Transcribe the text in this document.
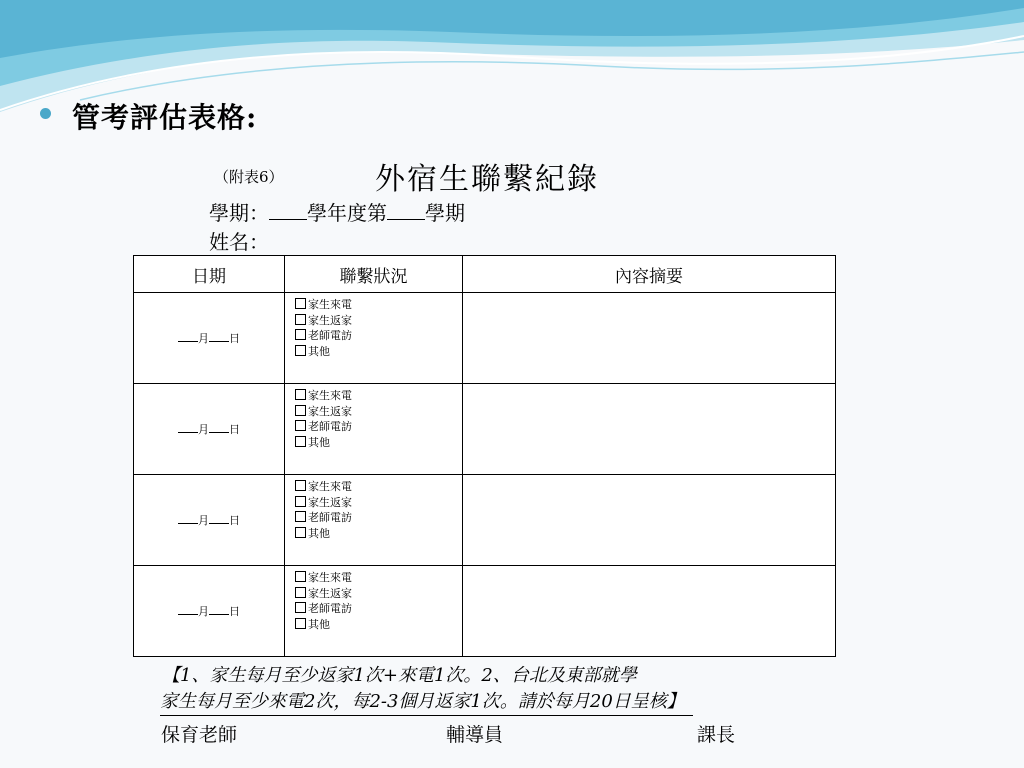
管考評估表格:
（附表6）	外宿生聯繫紀錄
學期： 學年度第 學期
姓名：
日期	聯繫狀況	內容摘要
月 日	家生來電
家生返家
老師電訪
其他	

月 日	家生來電
家生返家
老師電訪
其他	

月 日	家生來電
家生返家
老師電訪
其他	

月 日	家生來電
家生返家
老師電訪
其他	

【1、家生每月至少返家1次+來電1次。2、台北及東部就學
家生每月至少來電2次，每2-3個月返家1次。請於每月20日呈核】
保育老師	輔導員	課長
